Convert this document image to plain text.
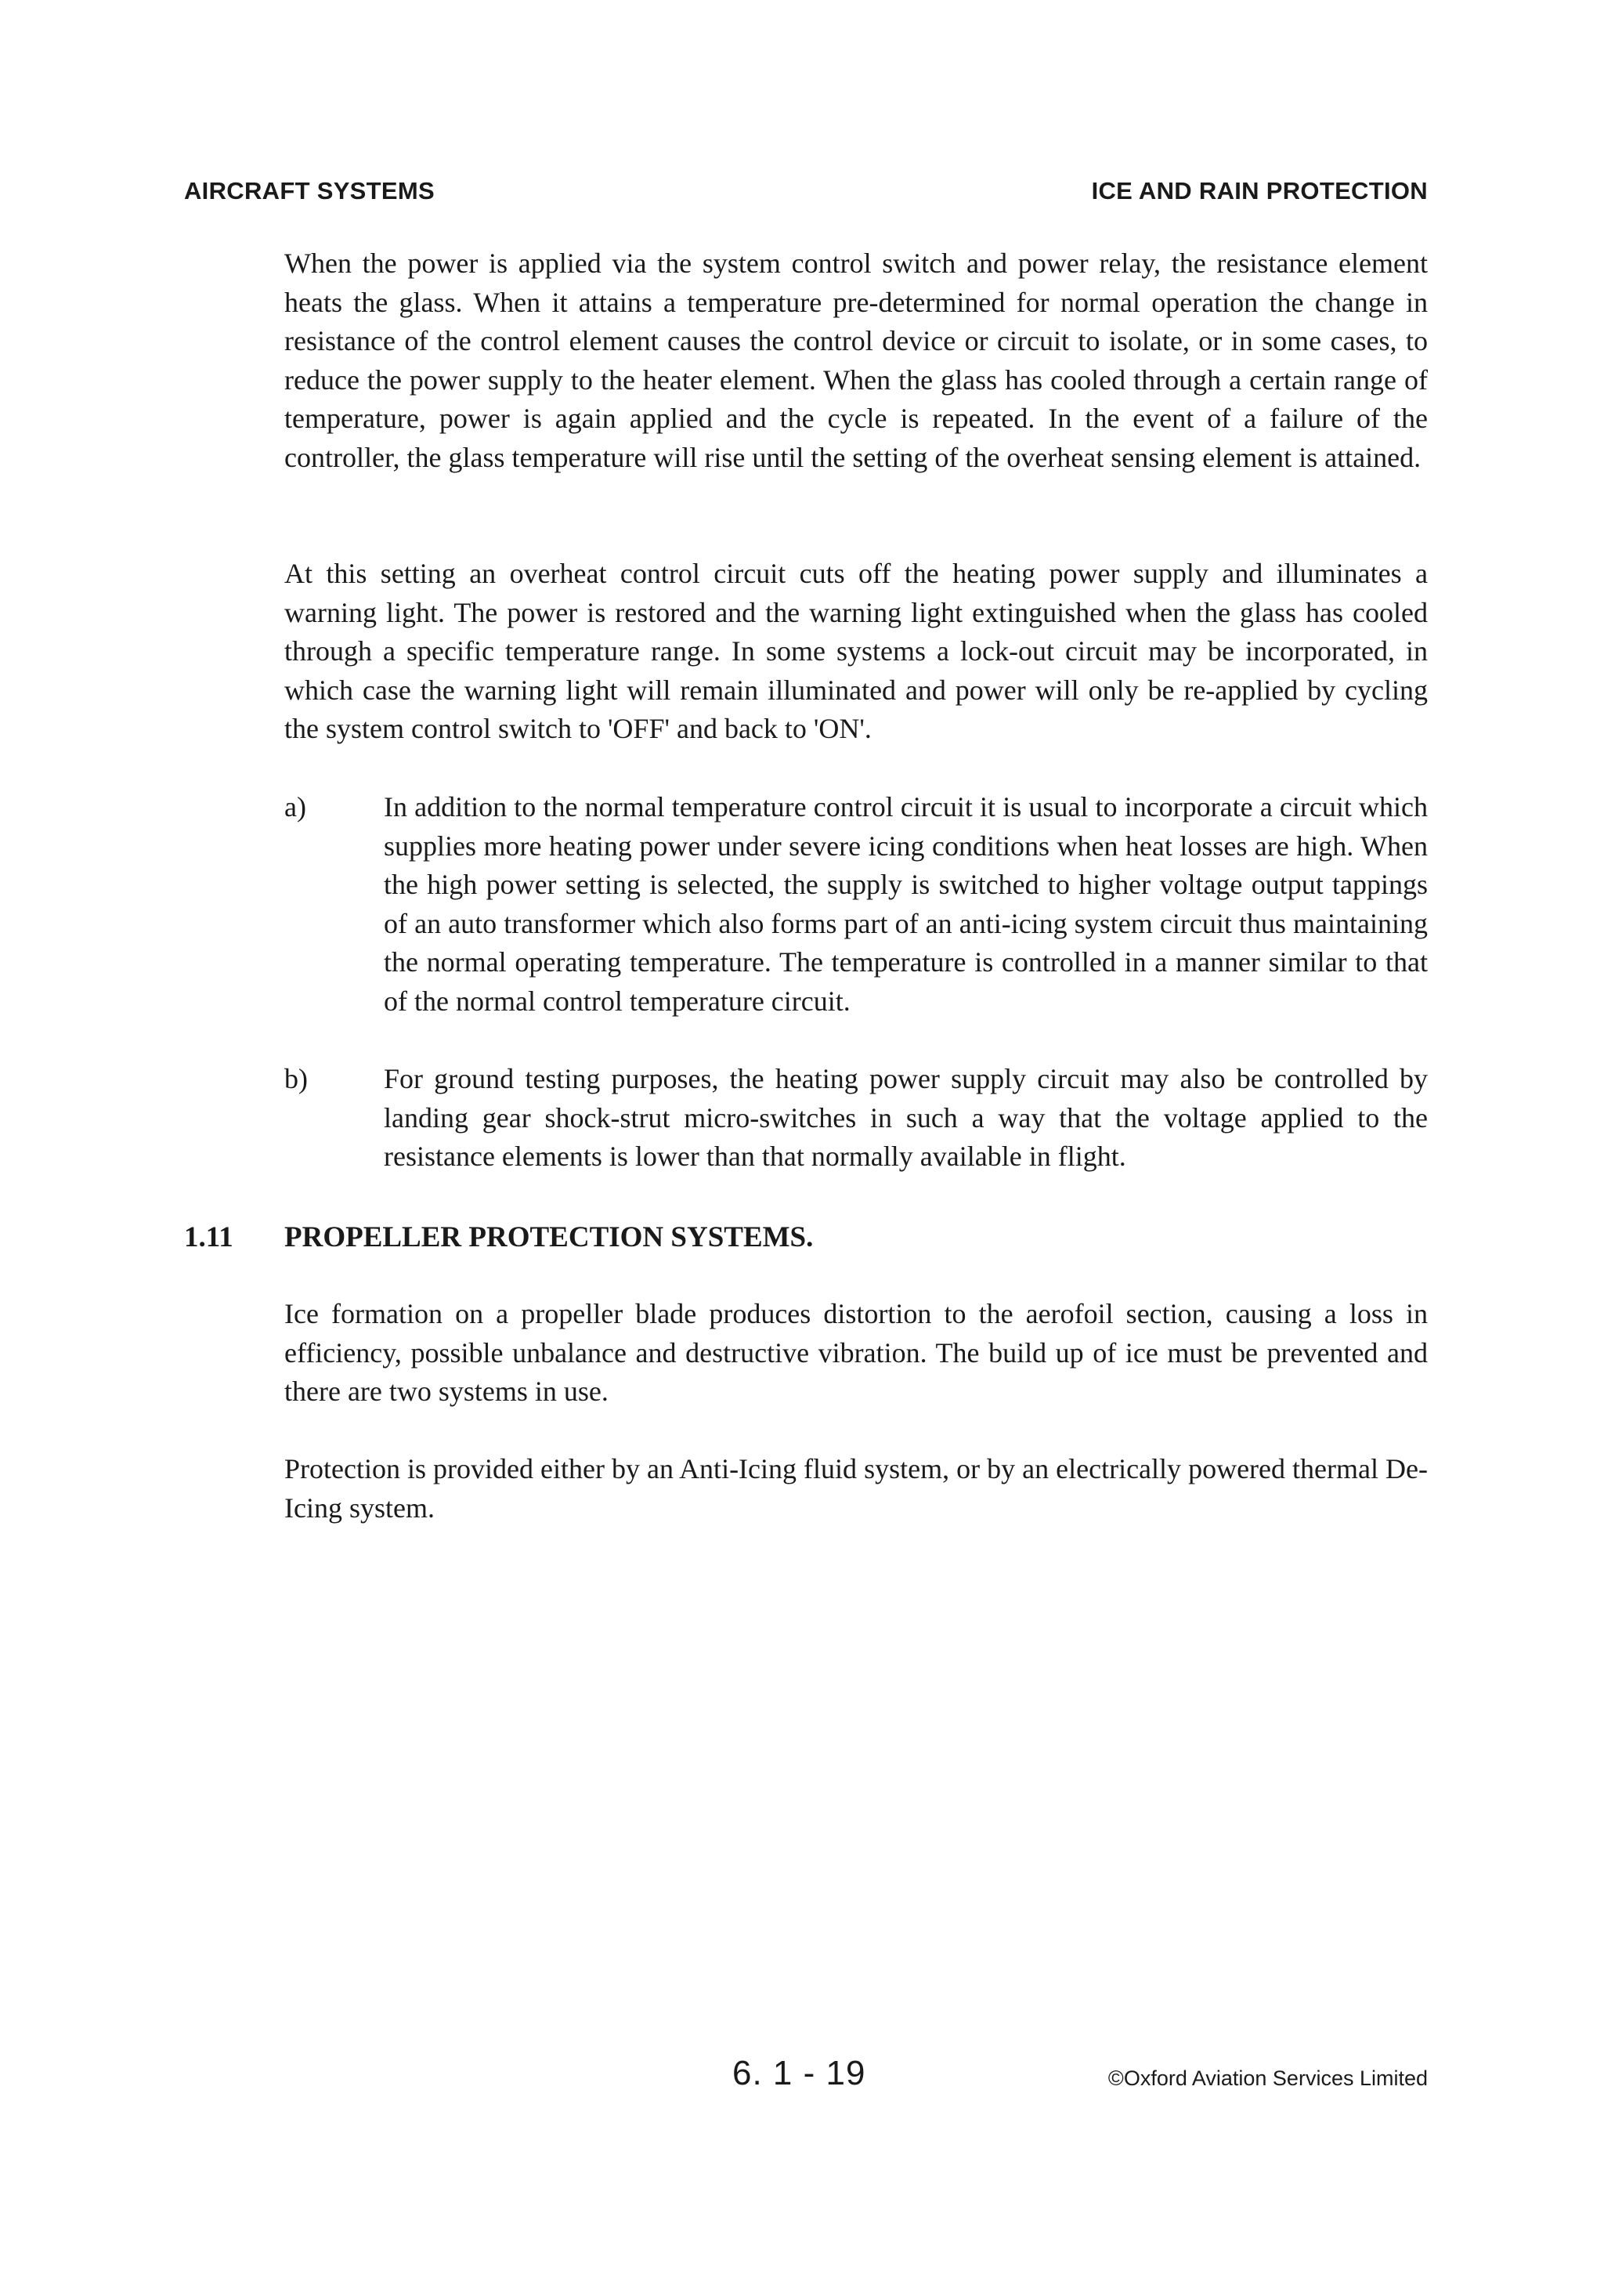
AIRCRAFT SYSTEMS	ICE AND RAIN PROTECTION

When the power is applied via the system control switch and power relay, the resistance element heats the glass. When it attains a temperature pre-determined for normal operation the change in resistance of the control element causes the control device or circuit to isolate, or in some cases, to reduce the power supply to the heater element. When the glass has cooled through a certain range of temperature, power is again applied and the cycle is repeated. In the event of a failure of the controller, the glass temperature will rise until the setting of the overheat sensing element is attained.

At this setting an overheat control circuit cuts off the heating power supply and illuminates a warning light. The power is restored and the warning light extinguished when the glass has cooled through a specific temperature range. In some systems a lock-out circuit may be incorporated, in which case the warning light will remain illuminated and power will only be re-applied by cycling the system control switch to 'OFF' and back to 'ON'.

a)	In addition to the normal temperature control circuit it is usual to incorporate a circuit which supplies more heating power under severe icing conditions when heat losses are high. When the high power setting is selected, the supply is switched to higher voltage output tappings of an auto transformer which also forms part of an anti-icing system circuit thus maintaining the normal operating temperature. The temperature is controlled in a manner similar to that of the normal control temperature circuit.

b)	For ground testing purposes, the heating power supply circuit may also be controlled by landing gear shock-strut micro-switches in such a way that the voltage applied to the resistance elements is lower than that normally available in flight.

1.11 PROPELLER PROTECTION SYSTEMS.

Ice formation on a propeller blade produces distortion to the aerofoil section, causing a loss in efficiency, possible unbalance and destructive vibration. The build up of ice must be prevented and there are two systems in use.

Protection is provided either by an Anti-Icing fluid system, or by an electrically powered thermal De-Icing system.

6. 1 - 19	©Oxford Aviation Services Limited
